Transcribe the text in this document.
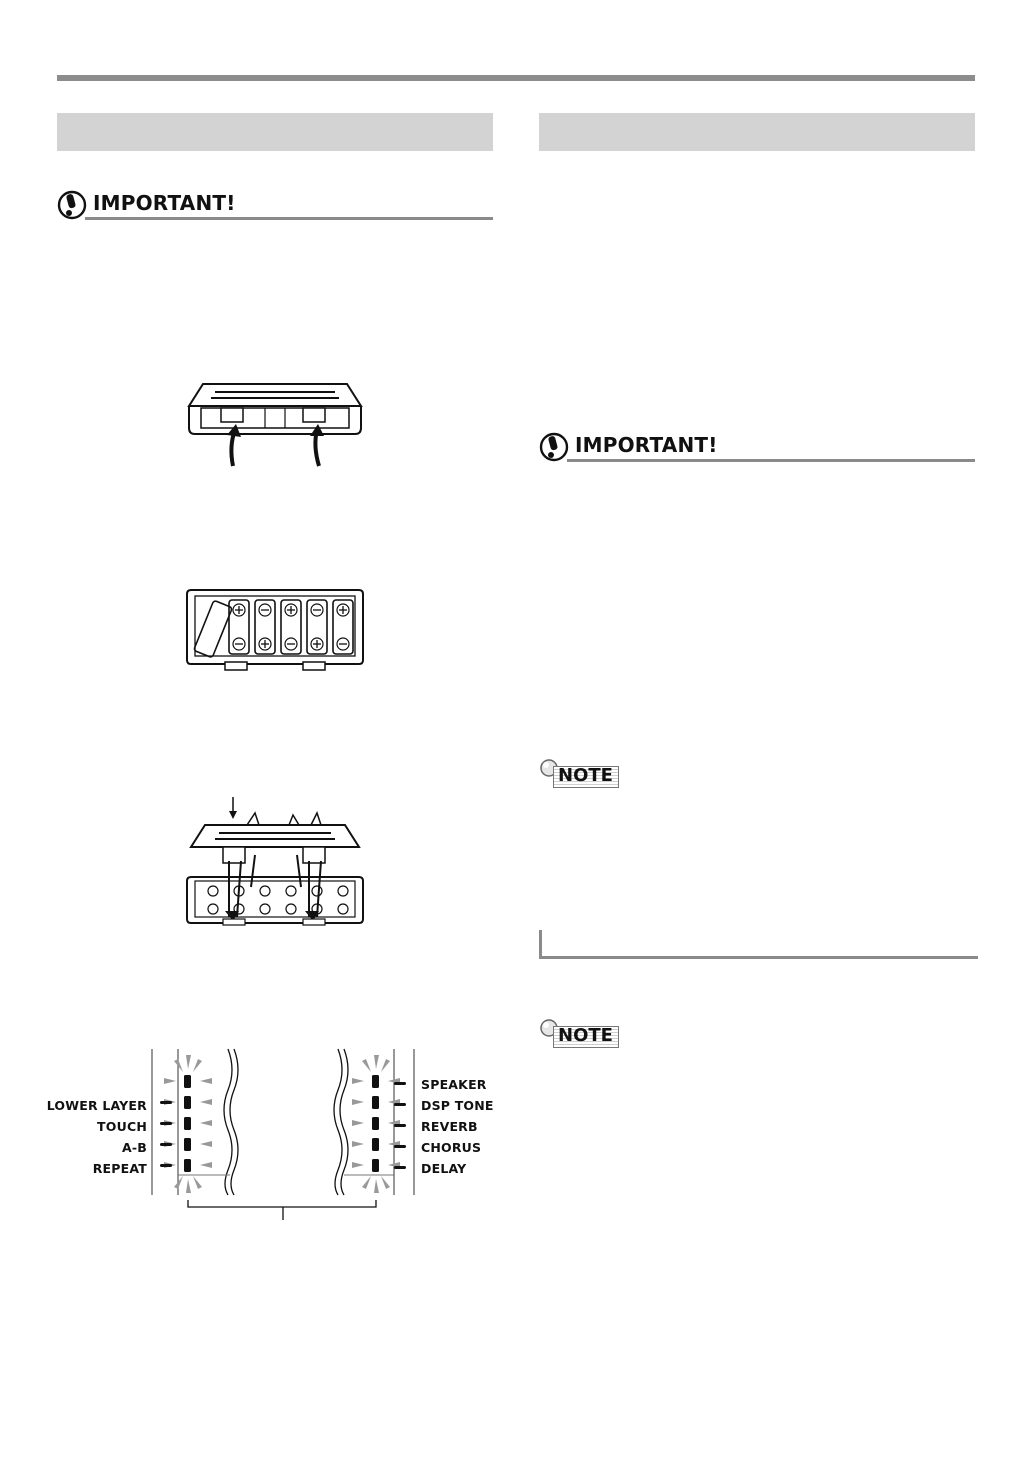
IMPORTANT!
LOWER LAYER
TOUCH
A-B
REPEAT
SPEAKER
DSP TONE
REVERB
CHORUS
DELAY
IMPORTANT!
NOTE
NOTE
